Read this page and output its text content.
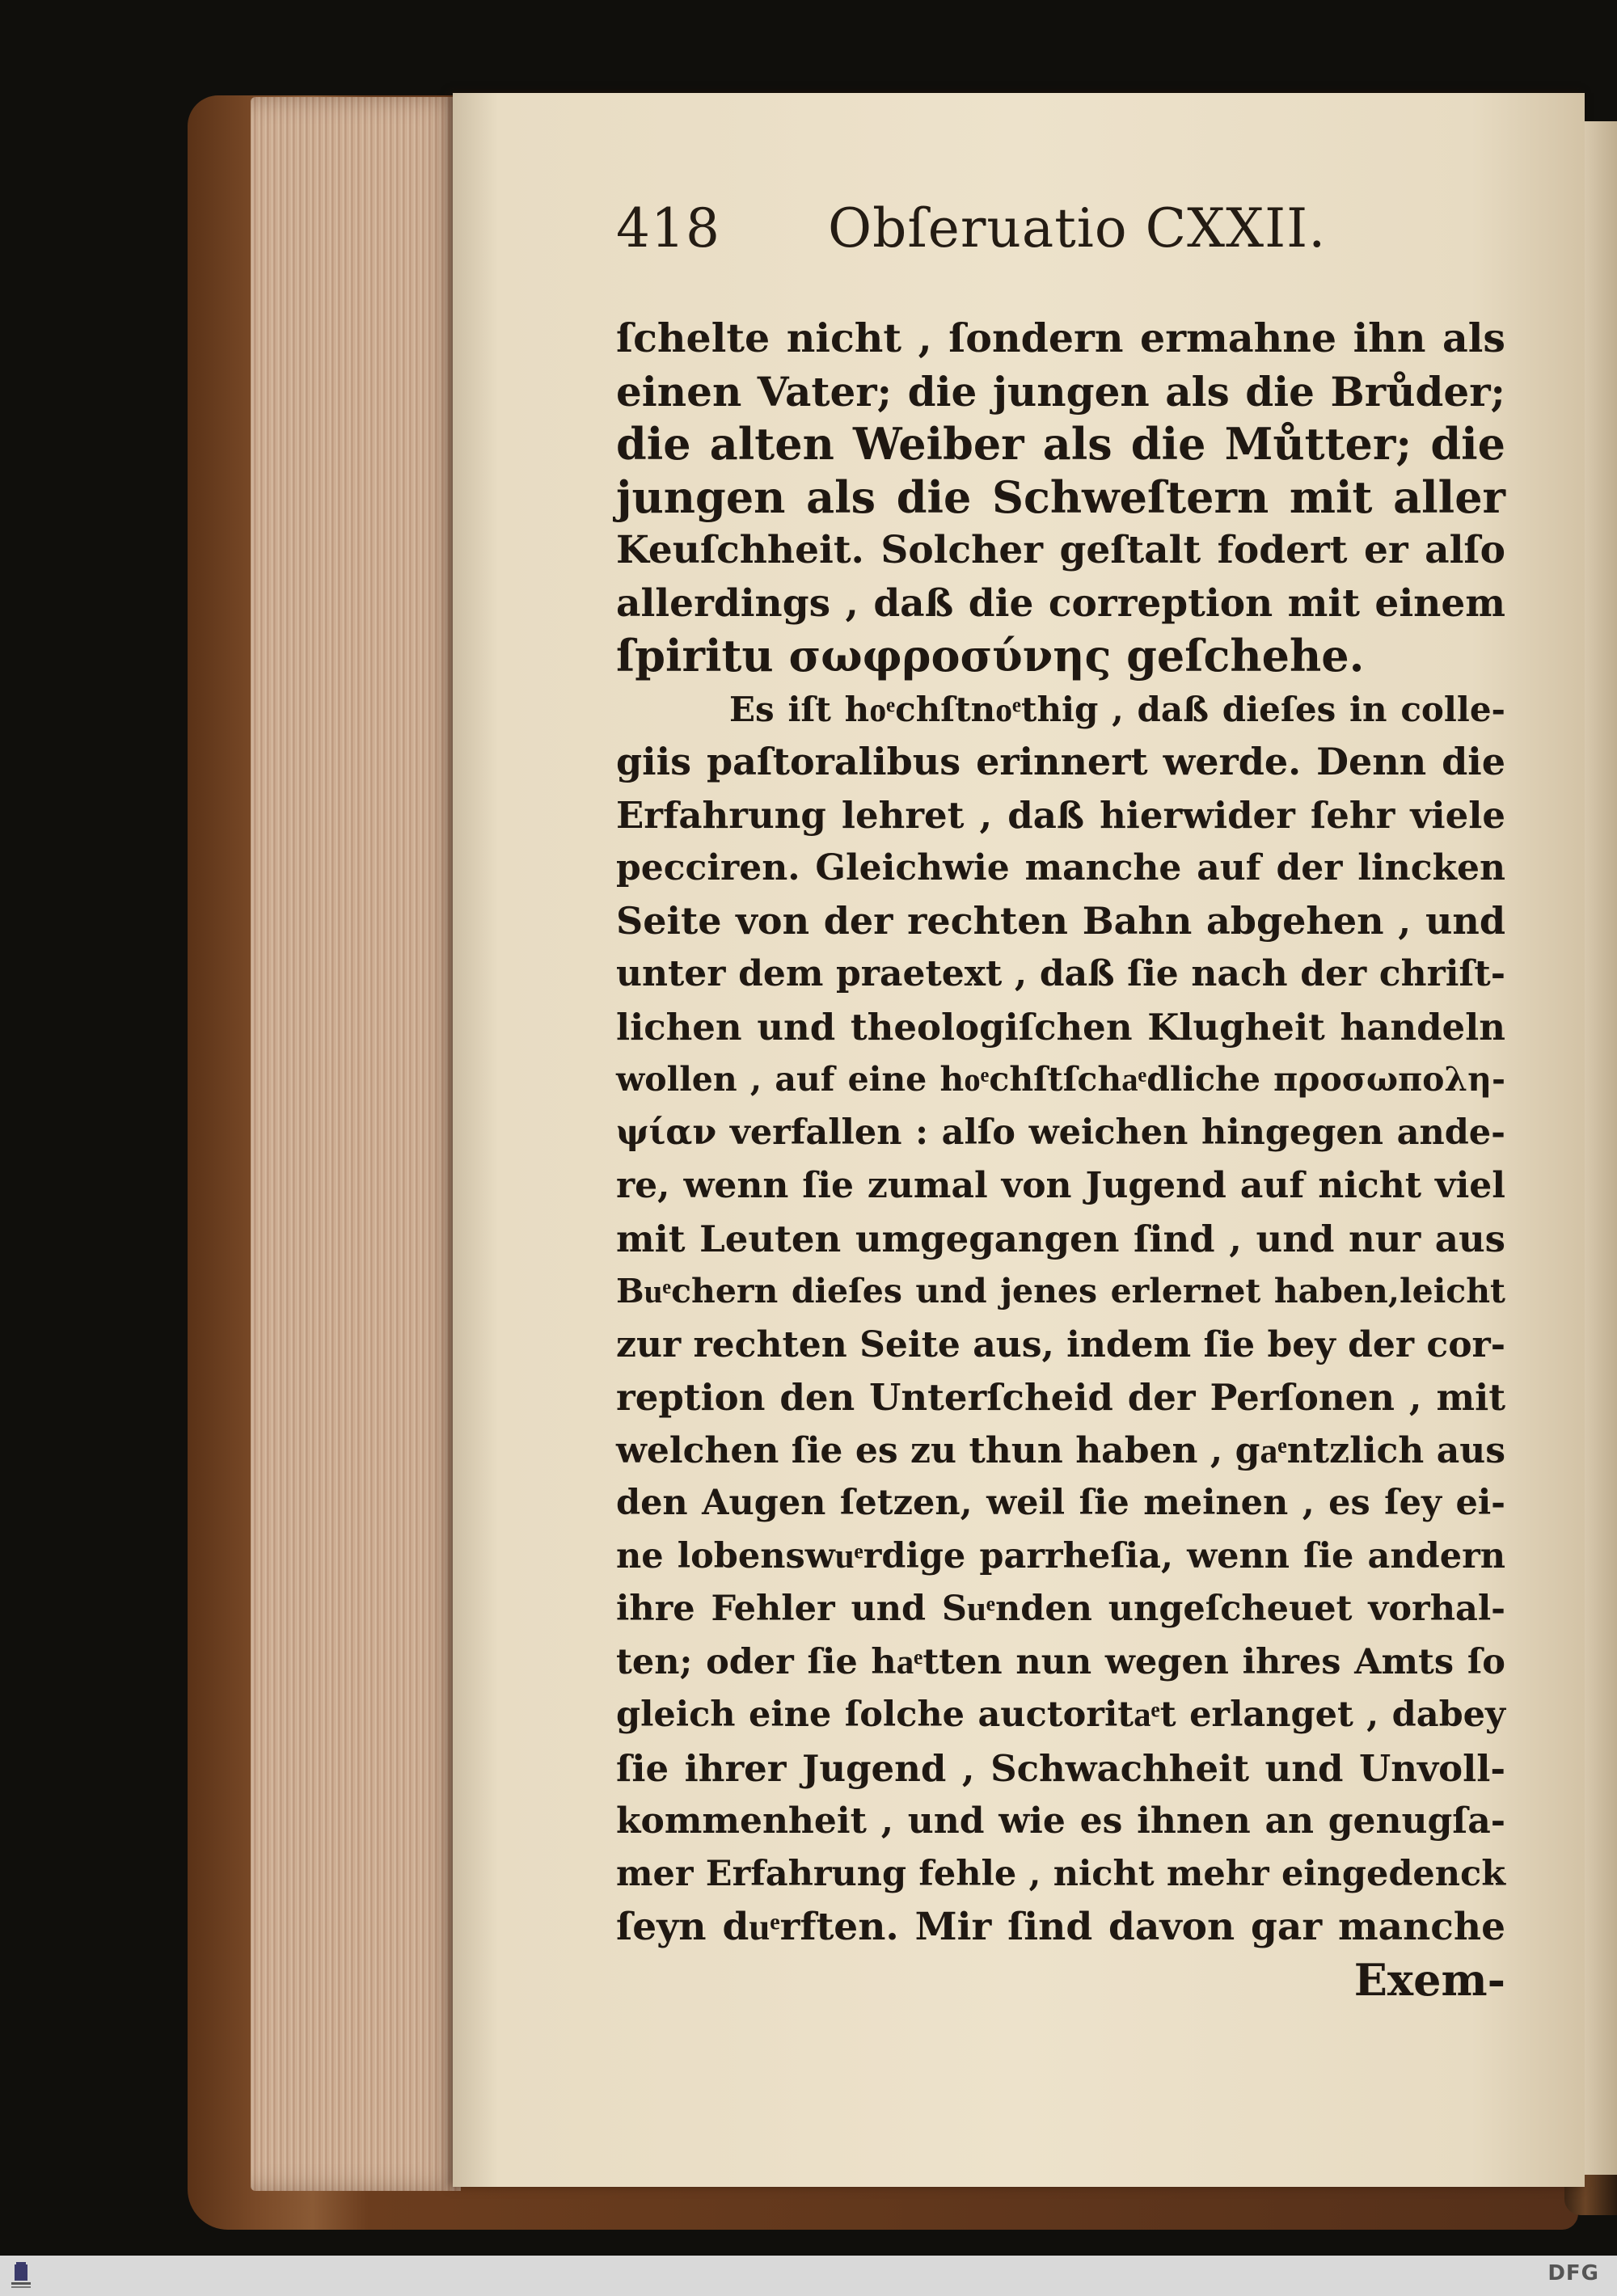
418 Obſeruatio CXXII.
ſchelte nicht , ſondern ermahne ihn als
einen Vater; die jungen als die Brůder;
die alten Weiber als die Můtter; die
jungen als die Schweſtern mit aller
Keuſchheit. Solcher geſtalt fodert er alſo
allerdings , daß die correption mit einem
ſpiritu σωφροσύνης geſchehe.
Es iſt hoͤchſtnoͤthig , daß dieſes in colle-
giis paſtoralibus erinnert werde. Denn die
Erfahrung lehret , daß hierwider ſehr viele
pecciren. Gleichwie manche auf der lincken
Seite von der rechten Bahn abgehen , und
unter dem praetext , daß ſie nach der chriſt-
lichen und theologiſchen Klugheit handeln
wollen , auf eine hoͤchſtſchaͤdliche προσωπολη‑
ψίαν verfallen : alſo weichen hingegen ande-
re, wenn ſie zumal von Jugend auf nicht viel
mit Leuten umgegangen ſind , und nur aus
Buͤchern dieſes und jenes erlernet haben,leicht
zur rechten Seite aus, indem ſie bey der cor-
reption den Unterſcheid der Perſonen , mit
welchen ſie es zu thun haben , gaͤntzlich aus
den Augen ſetzen, weil ſie meinen , es ſey ei-
ne lobenswuͤrdige parrheſia, wenn ſie andern
ihre Fehler und Suͤnden ungeſcheuet vorhal-
ten; oder ſie haͤtten nun wegen ihres Amts ſo
gleich eine ſolche auctoritaͤt erlanget , dabey
ſie ihrer Jugend , Schwachheit und Unvoll-
kommenheit , und wie es ihnen an genugſa-
mer Erfahrung fehle , nicht mehr eingedenck
ſeyn duͤrften. Mir ſind davon gar manche
Exem-
DFG
